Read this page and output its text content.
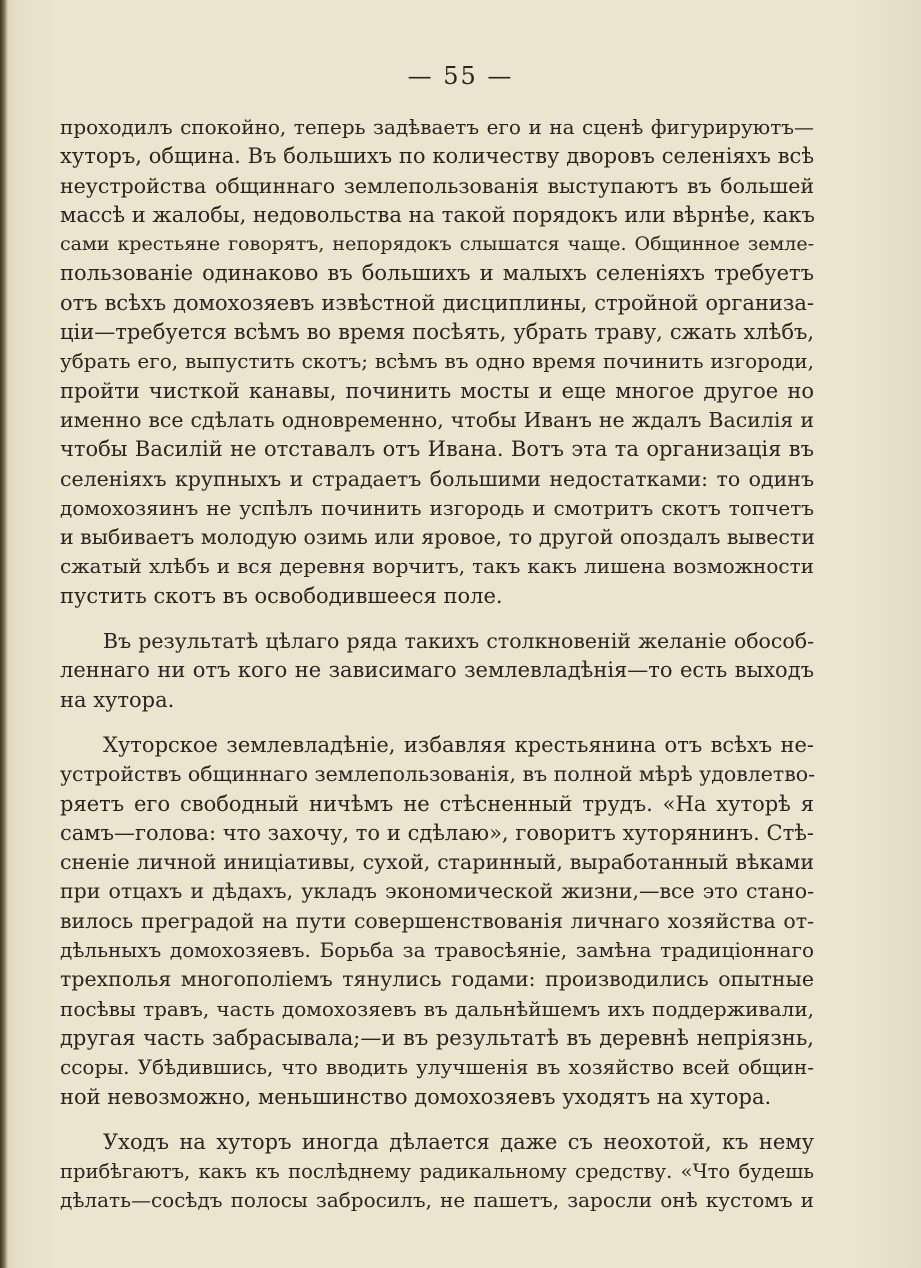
— 55 —
проходилъ спокойно, теперь задѣваетъ его и на сценѣ фигурируютъ—
хуторъ, община. Въ большихъ по количеству дворовъ селеніяхъ всѣ
неустройства общиннаго землепользованія выступаютъ въ большей
массѣ и жалобы, недовольства на такой порядокъ или вѣрнѣе, какъ
сами крестьяне говорятъ, непорядокъ слышатся чаще. Общинное земле-
пользованіе одинаково въ большихъ и малыхъ селеніяхъ требуетъ
отъ всѣхъ домохозяевъ извѣстной дисциплины, стройной организа-
ціи—требуется всѣмъ во время посѣять, убрать траву, сжать хлѣбъ,
убрать его, выпустить скотъ; всѣмъ въ одно время починить изгороди,
пройти чисткой канавы, починить мосты и еще многое другое но
именно все сдѣлать одновременно, чтобы Иванъ не ждалъ Василія и
чтобы Василій не отставалъ отъ Ивана. Вотъ эта та организація въ
селеніяхъ крупныхъ и страдаетъ большими недостатками: то одинъ
домохозяинъ не успѣлъ починить изгородь и смотритъ скотъ топчетъ
и выбиваетъ молодую озимь или яровое, то другой опоздалъ вывести
сжатый хлѣбъ и вся деревня ворчитъ, такъ какъ лишена возможности
пустить скотъ въ освободившееся поле.
Въ результатѣ цѣлаго ряда такихъ столкновеній желаніе обособ-
леннаго ни отъ кого не зависимаго землевладѣнія—то есть выходъ
на хутора.
Хуторское землевладѣніе, избавляя крестьянина отъ всѣхъ не-
устройствъ общиннаго землепользованія, въ полной мѣрѣ удовлетво-
ряетъ его свободный ничѣмъ не стѣсненный трудъ. «На хуторѣ я
самъ—голова: что захочу, то и сдѣлаю», говоритъ хуторянинъ. Стѣ-
сненіе личной иниціативы, сухой, старинный, выработанный вѣками
при отцахъ и дѣдахъ, укладъ экономической жизни,—все это стано-
вилось преградой на пути совершенствованія личнаго хозяйства от-
дѣльныхъ домохозяевъ. Борьба за травосѣяніе, замѣна традиціоннаго
трехполья многополіемъ тянулись годами: производились опытные
посѣвы травъ, часть домохозяевъ въ дальнѣйшемъ ихъ поддерживали,
другая часть забрасывала;—и въ результатѣ въ деревнѣ непріязнь,
ссоры. Убѣдившись, что вводить улучшенія въ хозяйство всей общин-
ной невозможно, меньшинство домохозяевъ уходятъ на хутора.
Уходъ на хуторъ иногда дѣлается даже съ неохотой, къ нему
прибѣгаютъ, какъ къ послѣднему радикальному средству. «Что будешь
дѣлать—сосѣдъ полосы забросилъ, не пашетъ, заросли онѣ кустомъ и
